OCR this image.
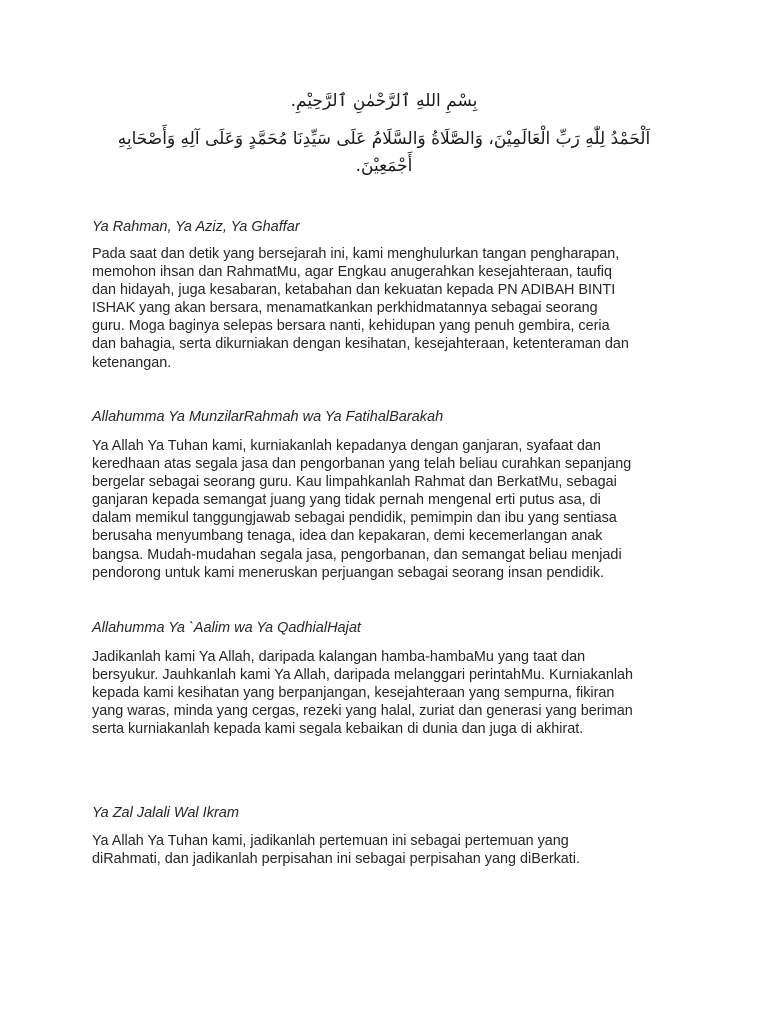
بِسْمِ اللهِ ٱلرَّحْمٰنِ ٱلرَّحِيْمِ.
اَلْحَمْدُ لِلّٰهِ رَبِّ الْعَالَمِيْنَ، وَالصَّلَاةُ وَالسَّلَامُ عَلَى سَيِّدِنَا مُحَمَّدٍ وَعَلَى آلِهِ وَأَصْحَابِهِ أَجْمَعِيْنَ.
Ya Rahman, Ya Aziz, Ya Ghaffar
Pada saat dan detik yang bersejarah ini, kami menghulurkan tangan pengharapan,
memohon ihsan dan RahmatMu, agar Engkau anugerahkan kesejahteraan, taufiq
dan hidayah, juga kesabaran, ketabahan dan kekuatan kepada PN ADIBAH BINTI
ISHAK yang akan bersara, menamatkankan perkhidmatannya sebagai seorang
guru. Moga baginya selepas bersara nanti, kehidupan yang penuh gembira, ceria
dan bahagia, serta dikurniakan dengan kesihatan, kesejahteraan, ketenteraman dan
ketenangan.
Allahumma Ya MunzilarRahmah wa Ya FatihalBarakah
Ya Allah Ya Tuhan kami, kurniakanlah kepadanya dengan ganjaran, syafaat dan
keredhaan atas segala jasa dan pengorbanan yang telah beliau curahkan sepanjang
bergelar sebagai seorang guru. Kau limpahkanlah Rahmat dan BerkatMu, sebagai
ganjaran kepada semangat juang yang tidak pernah mengenal erti putus asa, di
dalam memikul tanggungjawab sebagai pendidik, pemimpin dan ibu yang sentiasa
berusaha menyumbang tenaga, idea dan kepakaran, demi kecemerlangan anak
bangsa. Mudah-mudahan segala jasa, pengorbanan, dan semangat beliau menjadi
pendorong untuk kami meneruskan perjuangan sebagai seorang insan pendidik.
Allahumma Ya `Aalim wa Ya QadhialHajat
Jadikanlah kami Ya Allah, daripada kalangan hamba-hambaMu yang taat dan
bersyukur. Jauhkanlah kami Ya Allah, daripada melanggari perintahMu. Kurniakanlah
kepada kami kesihatan yang berpanjangan, kesejahteraan yang sempurna, fikiran
yang waras, minda yang cergas, rezeki yang halal, zuriat dan generasi yang beriman
serta kurniakanlah kepada kami segala kebaikan di dunia dan juga di akhirat.
Ya Zal Jalali Wal Ikram
Ya Allah Ya Tuhan kami, jadikanlah pertemuan ini sebagai pertemuan yang
diRahmati, dan jadikanlah perpisahan ini sebagai perpisahan yang diBerkati.
